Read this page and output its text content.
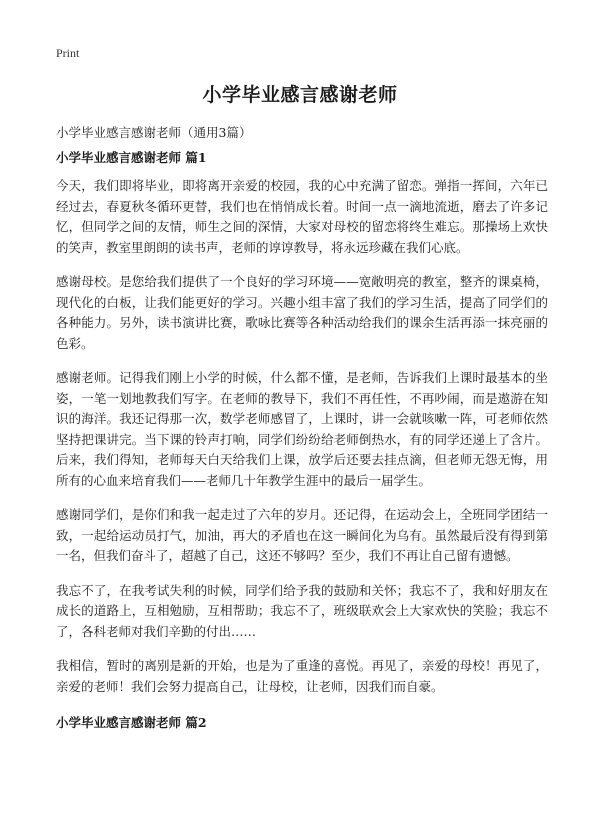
Print
小学毕业感言感谢老师

小学毕业感言感谢老师（通用3篇）

小学毕业感言感谢老师 篇1

今天，我们即将毕业，即将离开亲爱的校园，我的心中充满了留恋。弹指一挥间，六年已经过去，春夏秋冬循环更替，我们也在悄悄成长着。时间一点一滴地流逝，磨去了许多记忆，但同学之间的友情，师生之间的深情，大家对母校的留恋将终生难忘。那操场上欢快的笑声，教室里朗朗的读书声，老师的谆谆教导，将永远珍藏在我们心底。

感谢母校。是您给我们提供了一个良好的学习环境——宽敞明亮的教室，整齐的课桌椅，现代化的白板，让我们能更好的学习。兴趣小组丰富了我们的学习生活，提高了同学们的各种能力。另外，读书演讲比赛，歌咏比赛等各种活动给我们的课余生活再添一抹亮丽的色彩。

感谢老师。记得我们刚上小学的时候，什么都不懂，是老师，告诉我们上课时最基本的坐姿，一笔一划地教我们写字。在老师的教导下，我们不再任性，不再吵闹，而是遨游在知识的海洋。我还记得那一次，数学老师感冒了，上课时，讲一会就咳嗽一阵，可老师依然坚持把课讲完。当下课的铃声打响，同学们纷纷给老师倒热水，有的同学还递上了含片。后来，我们得知，老师每天白天给我们上课，放学后还要去挂点滴，但老师无怨无悔，用所有的心血来培育我们——老师几十年教学生涯中的最后一届学生。

感谢同学们，是你们和我一起走过了六年的岁月。还记得，在运动会上，全班同学团结一致，一起给运动员打气，加油，再大的矛盾也在这一瞬间化为乌有。虽然最后没有得到第一名，但我们奋斗了，超越了自己，这还不够吗？至少，我们不再让自己留有遗憾。

我忘不了，在我考试失利的时候，同学们给予我的鼓励和关怀；我忘不了，我和好朋友在成长的道路上，互相勉励，互相帮助；我忘不了，班级联欢会上大家欢快的笑脸；我忘不了，各科老师对我们辛勤的付出……

我相信，暂时的离别是新的开始，也是为了重逢的喜悦。再见了，亲爱的母校！再见了，亲爱的老师！我们会努力提高自己，让母校，让老师，因我们而自豪。

小学毕业感言感谢老师 篇2
